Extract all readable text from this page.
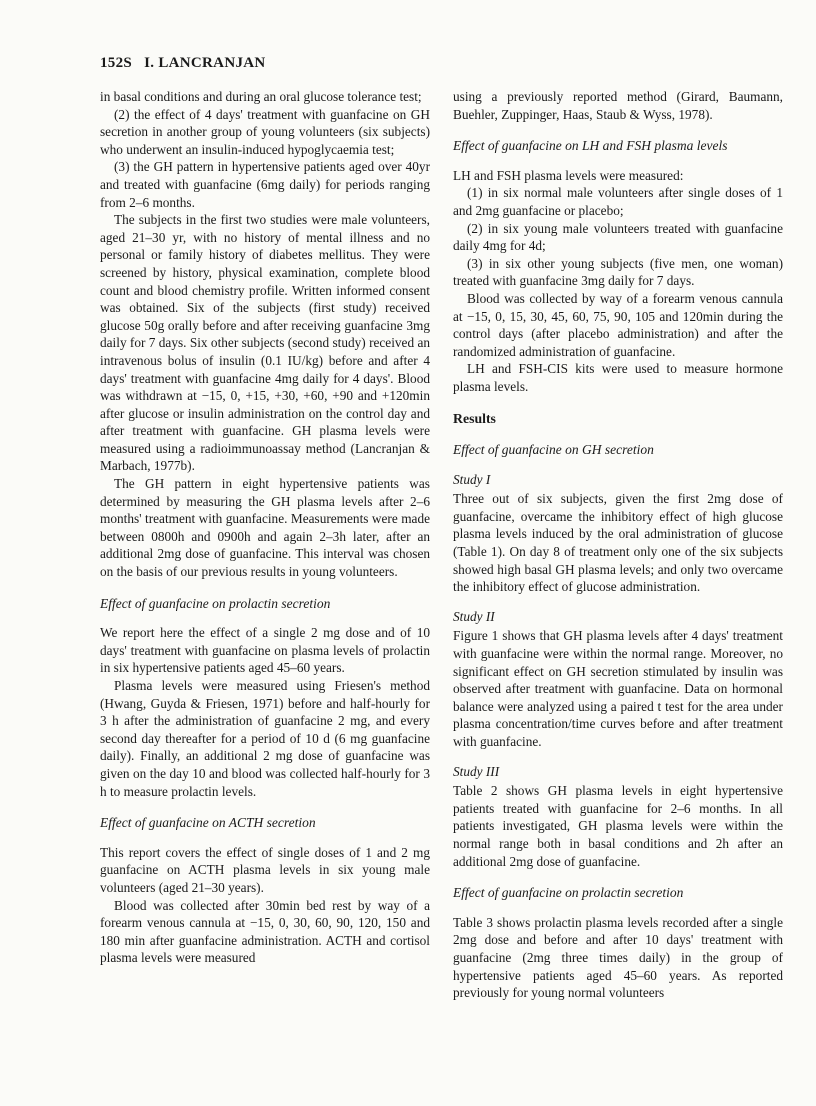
152S I. LANCRANJAN

in basal conditions and during an oral glucose tolerance test;

(2) the effect of 4 days' treatment with guanfacine on GH secretion in another group of young volunteers (six subjects) who underwent an insulin-induced hypoglycaemia test;

(3) the GH pattern in hypertensive patients aged over 40yr and treated with guanfacine (6mg daily) for periods ranging from 2–6 months.

The subjects in the first two studies were male volunteers, aged 21–30 yr, with no history of mental illness and no personal or family history of diabetes mellitus. They were screened by history, physical examination, complete blood count and blood chemistry profile. Written informed consent was obtained. Six of the subjects (first study) received glucose 50g orally before and after receiving guanfacine 3mg daily for 7 days. Six other subjects (second study) received an intravenous bolus of insulin (0.1 IU/kg) before and after 4 days' treatment with guanfacine 4mg daily for 4 days'. Blood was withdrawn at −15, 0, +15, +30, +60, +90 and +120min after glucose or insulin administration on the control day and after treatment with guanfacine. GH plasma levels were measured using a radioimmunoassay method (Lancranjan & Marbach, 1977b).

The GH pattern in eight hypertensive patients was determined by measuring the GH plasma levels after 2–6 months' treatment with guanfacine. Measurements were made between 0800h and 0900h and again 2–3h later, after an additional 2mg dose of guanfacine. This interval was chosen on the basis of our previous results in young volunteers.

Effect of guanfacine on prolactin secretion

We report here the effect of a single 2 mg dose and of 10 days' treatment with guanfacine on plasma levels of prolactin in six hypertensive patients aged 45–60 years.

Plasma levels were measured using Friesen's method (Hwang, Guyda & Friesen, 1971) before and half-hourly for 3 h after the administration of guanfacine 2 mg, and every second day thereafter for a period of 10 d (6 mg guanfacine daily). Finally, an additional 2 mg dose of guanfacine was given on the day 10 and blood was collected half-hourly for 3 h to measure prolactin levels.

Effect of guanfacine on ACTH secretion

This report covers the effect of single doses of 1 and 2 mg guanfacine on ACTH plasma levels in six young male volunteers (aged 21–30 years).

Blood was collected after 30min bed rest by way of a forearm venous cannula at −15, 0, 30, 60, 90, 120, 150 and 180 min after guanfacine administration. ACTH and cortisol plasma levels were measured

using a previously reported method (Girard, Baumann, Buehler, Zuppinger, Haas, Staub & Wyss, 1978).

Effect of guanfacine on LH and FSH plasma levels

LH and FSH plasma levels were measured:

(1) in six normal male volunteers after single doses of 1 and 2mg guanfacine or placebo;

(2) in six young male volunteers treated with guanfacine daily 4mg for 4d;

(3) in six other young subjects (five men, one woman) treated with guanfacine 3mg daily for 7 days.

Blood was collected by way of a forearm venous cannula at −15, 0, 15, 30, 45, 60, 75, 90, 105 and 120min during the control days (after placebo administration) and after the randomized administration of guanfacine.

LH and FSH-CIS kits were used to measure hormone plasma levels.

Results
Effect of guanfacine on GH secretion
Study I

Three out of six subjects, given the first 2mg dose of guanfacine, overcame the inhibitory effect of high glucose plasma levels induced by the oral administration of glucose (Table 1). On day 8 of treatment only one of the six subjects showed high basal GH plasma levels; and only two overcame the inhibitory effect of glucose administration.

Study II

Figure 1 shows that GH plasma levels after 4 days' treatment with guanfacine were within the normal range. Moreover, no significant effect on GH secretion stimulated by insulin was observed after treatment with guanfacine. Data on hormonal balance were analyzed using a paired t test for the area under plasma concentration/time curves before and after treatment with guanfacine.

Study III

Table 2 shows GH plasma levels in eight hypertensive patients treated with guanfacine for 2–6 months. In all patients investigated, GH plasma levels were within the normal range both in basal conditions and 2h after an additional 2mg dose of guanfacine.

Effect of guanfacine on prolactin secretion

Table 3 shows prolactin plasma levels recorded after a single 2mg dose and before and after 10 days' treatment with guanfacine (2mg three times daily) in the group of hypertensive patients aged 45–60 years. As reported previously for young normal volunteers
